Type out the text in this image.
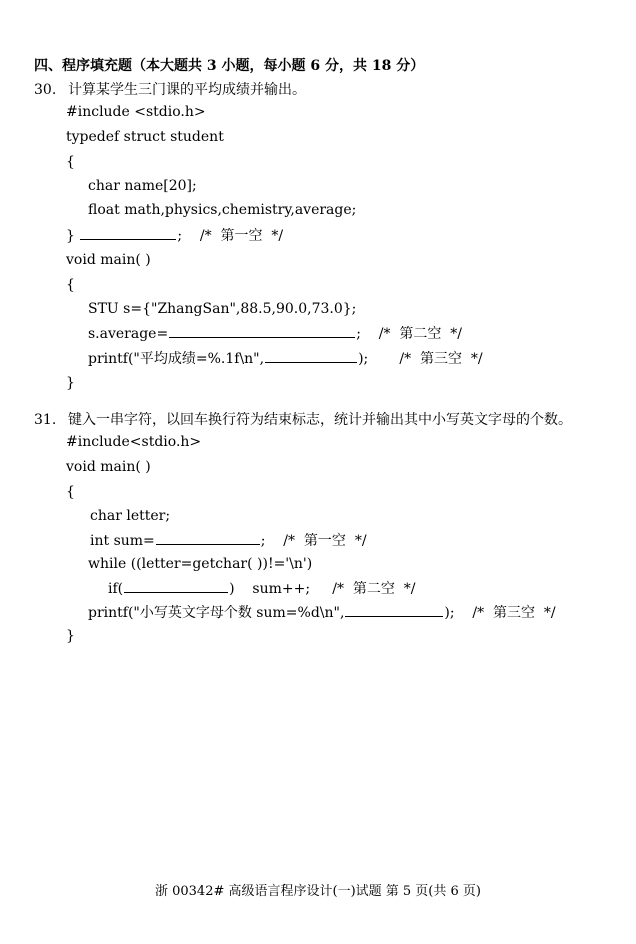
四、程序填充题（本大题共 3 小题，每小题 6 分，共 18 分）
30. 计算某学生三门课的平均成绩并输出。
#include <stdio.h>
typedef struct student
{
char name[20];
float math,physics,chemistry,average;
}	;    /*  第一空  */
void main( )
{
STU s={"ZhangSan",88.5,90.0,73.0};
s.average=	;    /*  第二空  */
printf("平均成绩=%.1f\n",	);       /*  第三空  */
}
31. 键入一串字符，以回车换行符为结束标志，统计并输出其中小写英文字母的个数。
#include<stdio.h>
void main( )
{
char letter;
int sum=	;    /*  第一空  */
while ((letter=getchar( ))!='\n')
if(	)    sum++;     /*  第二空  */
printf("小写英文字母个数 sum=%d\n",	);    /*  第三空  */
}
浙 00342# 高级语言程序设计(一)试题 第 5 页(共 6 页)
